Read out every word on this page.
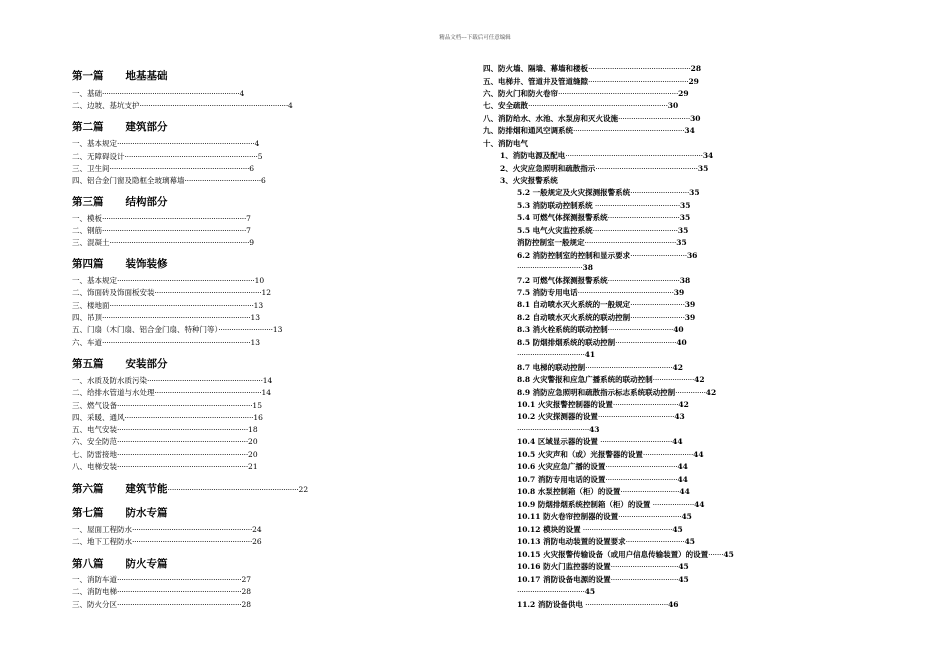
精品文档---下载后可任意编辑
第一篇 地基基础
一、基础·······························································4
二、边坡、基坑支护····································································4
第二篇 建筑部分
一、基本规定·······························································4
二、无障碍设计·····························································5
三、卫生间································································6
四、铝合金门窗及隐框全玻璃幕墙···································6
第三篇 结构部分
一、模板··································································7
二、钢筋··································································7
三、混凝土································································9
第四篇 装饰装修
一、基本规定·······························································10
二、饰面砖及饰面板安装·················································12
三、楼地面··································································13
四、吊顶····································································13
五、门扇（木门扇、铝合金门扇、特种门等）·························13
六、车道····································································13
第五篇 安装部分
一、水质及防水质污染·····················································14
二、给排水管道与水处理·················································14
三、燃气设备······························································15
四、采暖、通风···························································16
五、电气安装····························································18
六、安全防范····························································20
七、防雷接地····························································20
八、电梯安装····························································21
第六篇 建筑节能····························································22
第七篇 防水专篇
一、屋面工程防水·······················································24
二、地下工程防水·······················································26
第八篇 防火专篇
一、消防车道·························································27
二、消防电梯·························································28
三、防火分区·························································28
四、防火墙、隔墙、幕墙和楼板···············································28
五、电梯井、管道井及管道缝隙··············································29
六、防火门和防火卷帘·······················································29
七、安全疏散································································30
八、消防给水、水池、水泵房和灭火设施·································30
九、防排烟和通风空调系统···················································34
十、消防电气
1、消防电源及配电·······························································34
2、火灾应急照明和疏散指示···············································35
3、火灾报警系统
5.2 一般规定及火灾探测报警系统···························35
5.3 消防联动控制系统 ·······································35
5.4 可燃气体探测报警系统·································35
5.5 电气火灾监控系统·······································35
消防控制室一般规定··········································35
6.2 消防控制室的控制和显示要求··························36
······························38
7.2 可燃气体探测报警系统·································38
7.5 消防专用电话············································39
8.1 自动喷水灭火系统的一般规定·························39
8.2 自动喷水灭火系统的联动控制·························39
8.3 消火栓系统的联动控制······························40
8.5 防烟排烟系统的联动控制····························40
·······························41
8.7 电梯的联动控制········································42
8.8 火灾警报和应急广播系统的联动控制···················42
8.9 消防应急照明和疏散指示标志系统联动控制··············42
10.1 火灾报警控制器的设置······························42
10.2 火灾探测器的设置···································43
·································43
10.4 区域显示器的设置 ·································44
10.5 火灾声和（或）光报警器的设置·······················44
10.6 火灾应急广播的设置·································44
10.7 消防专用电话的设置·································44
10.8 水泵控制箱（柜）的设置···························44
10.9 防烟排烟系统控制箱（柜）的设置 ···················44
10.11 防火卷帘控制器的设置·····························45
10.12 模块的设置 ·········································45
10.13 消防电动装置的设置要求···························45
10.15 火灾报警传输设备（或用户信息传输装置）的设置·······45
10.16 防火门监控器的设置·······························45
10.17 消防设备电源的设置·······························45
·······························45
11.2 消防设备供电 ······································46
